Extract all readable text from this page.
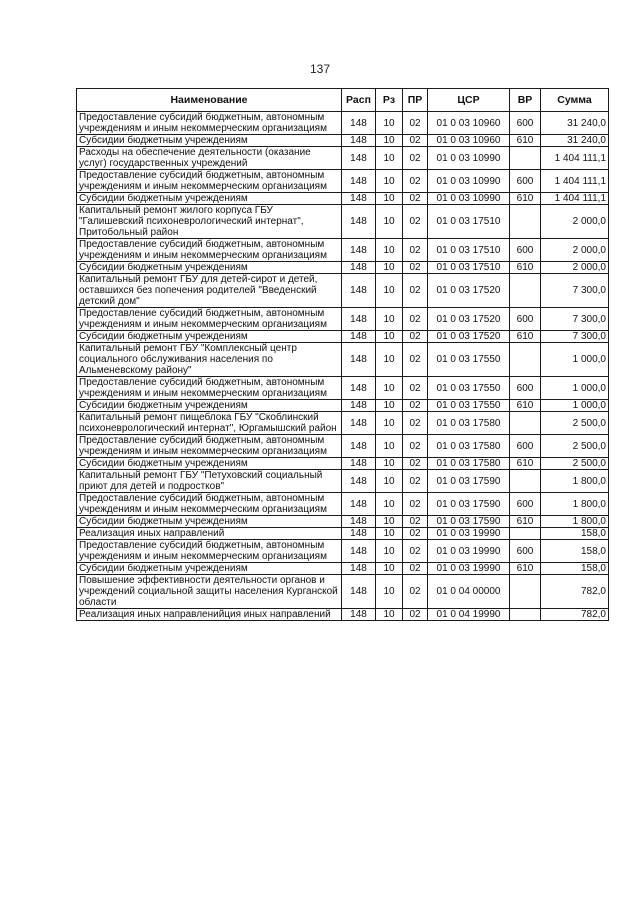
137
Наименование	Расп	Рз	ПР	ЦСР	ВР	Сумма
Предоставление субсидий бюджетным, автономным учреждениям и иным некоммерческим организациям	148	10	02	01 0 03 10960	600	31 240,0
Субсидии бюджетным учреждениям	148	10	02	01 0 03 10960	610	31 240,0
Расходы на обеспечение деятельности (оказание услуг) государственных учреждений	148	10	02	01 0 03 10990		1 404 111,1
Предоставление субсидий бюджетным, автономным учреждениям и иным некоммерческим организациям	148	10	02	01 0 03 10990	600	1 404 111,1
Субсидии бюджетным учреждениям	148	10	02	01 0 03 10990	610	1 404 111,1
Капитальный ремонт жилого корпуса ГБУ "Галишевский психоневрологический интернат", Притобольный район	148	10	02	01 0 03 17510		2 000,0
Предоставление субсидий бюджетным, автономным учреждениям и иным некоммерческим организациям	148	10	02	01 0 03 17510	600	2 000,0
Субсидии бюджетным учреждениям	148	10	02	01 0 03 17510	610	2 000,0
Капитальный ремонт ГБУ для детей-сирот и детей, оставшихся без попечения родителей "Введенский детский дом"	148	10	02	01 0 03 17520		7 300,0
Предоставление субсидий бюджетным, автономным учреждениям и иным некоммерческим организациям	148	10	02	01 0 03 17520	600	7 300,0
Субсидии бюджетным учреждениям	148	10	02	01 0 03 17520	610	7 300,0
Капитальный ремонт ГБУ "Комплексный центр социального обслуживания населения по Альменевскому району"	148	10	02	01 0 03 17550		1 000,0
Предоставление субсидий бюджетным, автономным учреждениям и иным некоммерческим организациям	148	10	02	01 0 03 17550	600	1 000,0
Субсидии бюджетным учреждениям	148	10	02	01 0 03 17550	610	1 000,0
Капитальный ремонт пищеблока ГБУ "Скоблинский психоневрологический интернат", Юргамышский район	148	10	02	01 0 03 17580		2 500,0
Предоставление субсидий бюджетным, автономным учреждениям и иным некоммерческим организациям	148	10	02	01 0 03 17580	600	2 500,0
Субсидии бюджетным учреждениям	148	10	02	01 0 03 17580	610	2 500,0
Капитальный ремонт ГБУ "Петуховский социальный приют для детей и подростков"	148	10	02	01 0 03 17590		1 800,0
Предоставление субсидий бюджетным, автономным учреждениям и иным некоммерческим организациям	148	10	02	01 0 03 17590	600	1 800,0
Субсидии бюджетным учреждениям	148	10	02	01 0 03 17590	610	1 800,0
Реализация иных направлений	148	10	02	01 0 03 19990		158,0
Предоставление субсидий бюджетным, автономным учреждениям и иным некоммерческим организациям	148	10	02	01 0 03 19990	600	158,0
Субсидии бюджетным учреждениям	148	10	02	01 0 03 19990	610	158,0
Повышение эффективности деятельности органов и учреждений социальной защиты населения Курганской области	148	10	02	01 0 04 00000		782,0
Реализация иных направленийция иных направлений	148	10	02	01 0 04 19990		782,0
